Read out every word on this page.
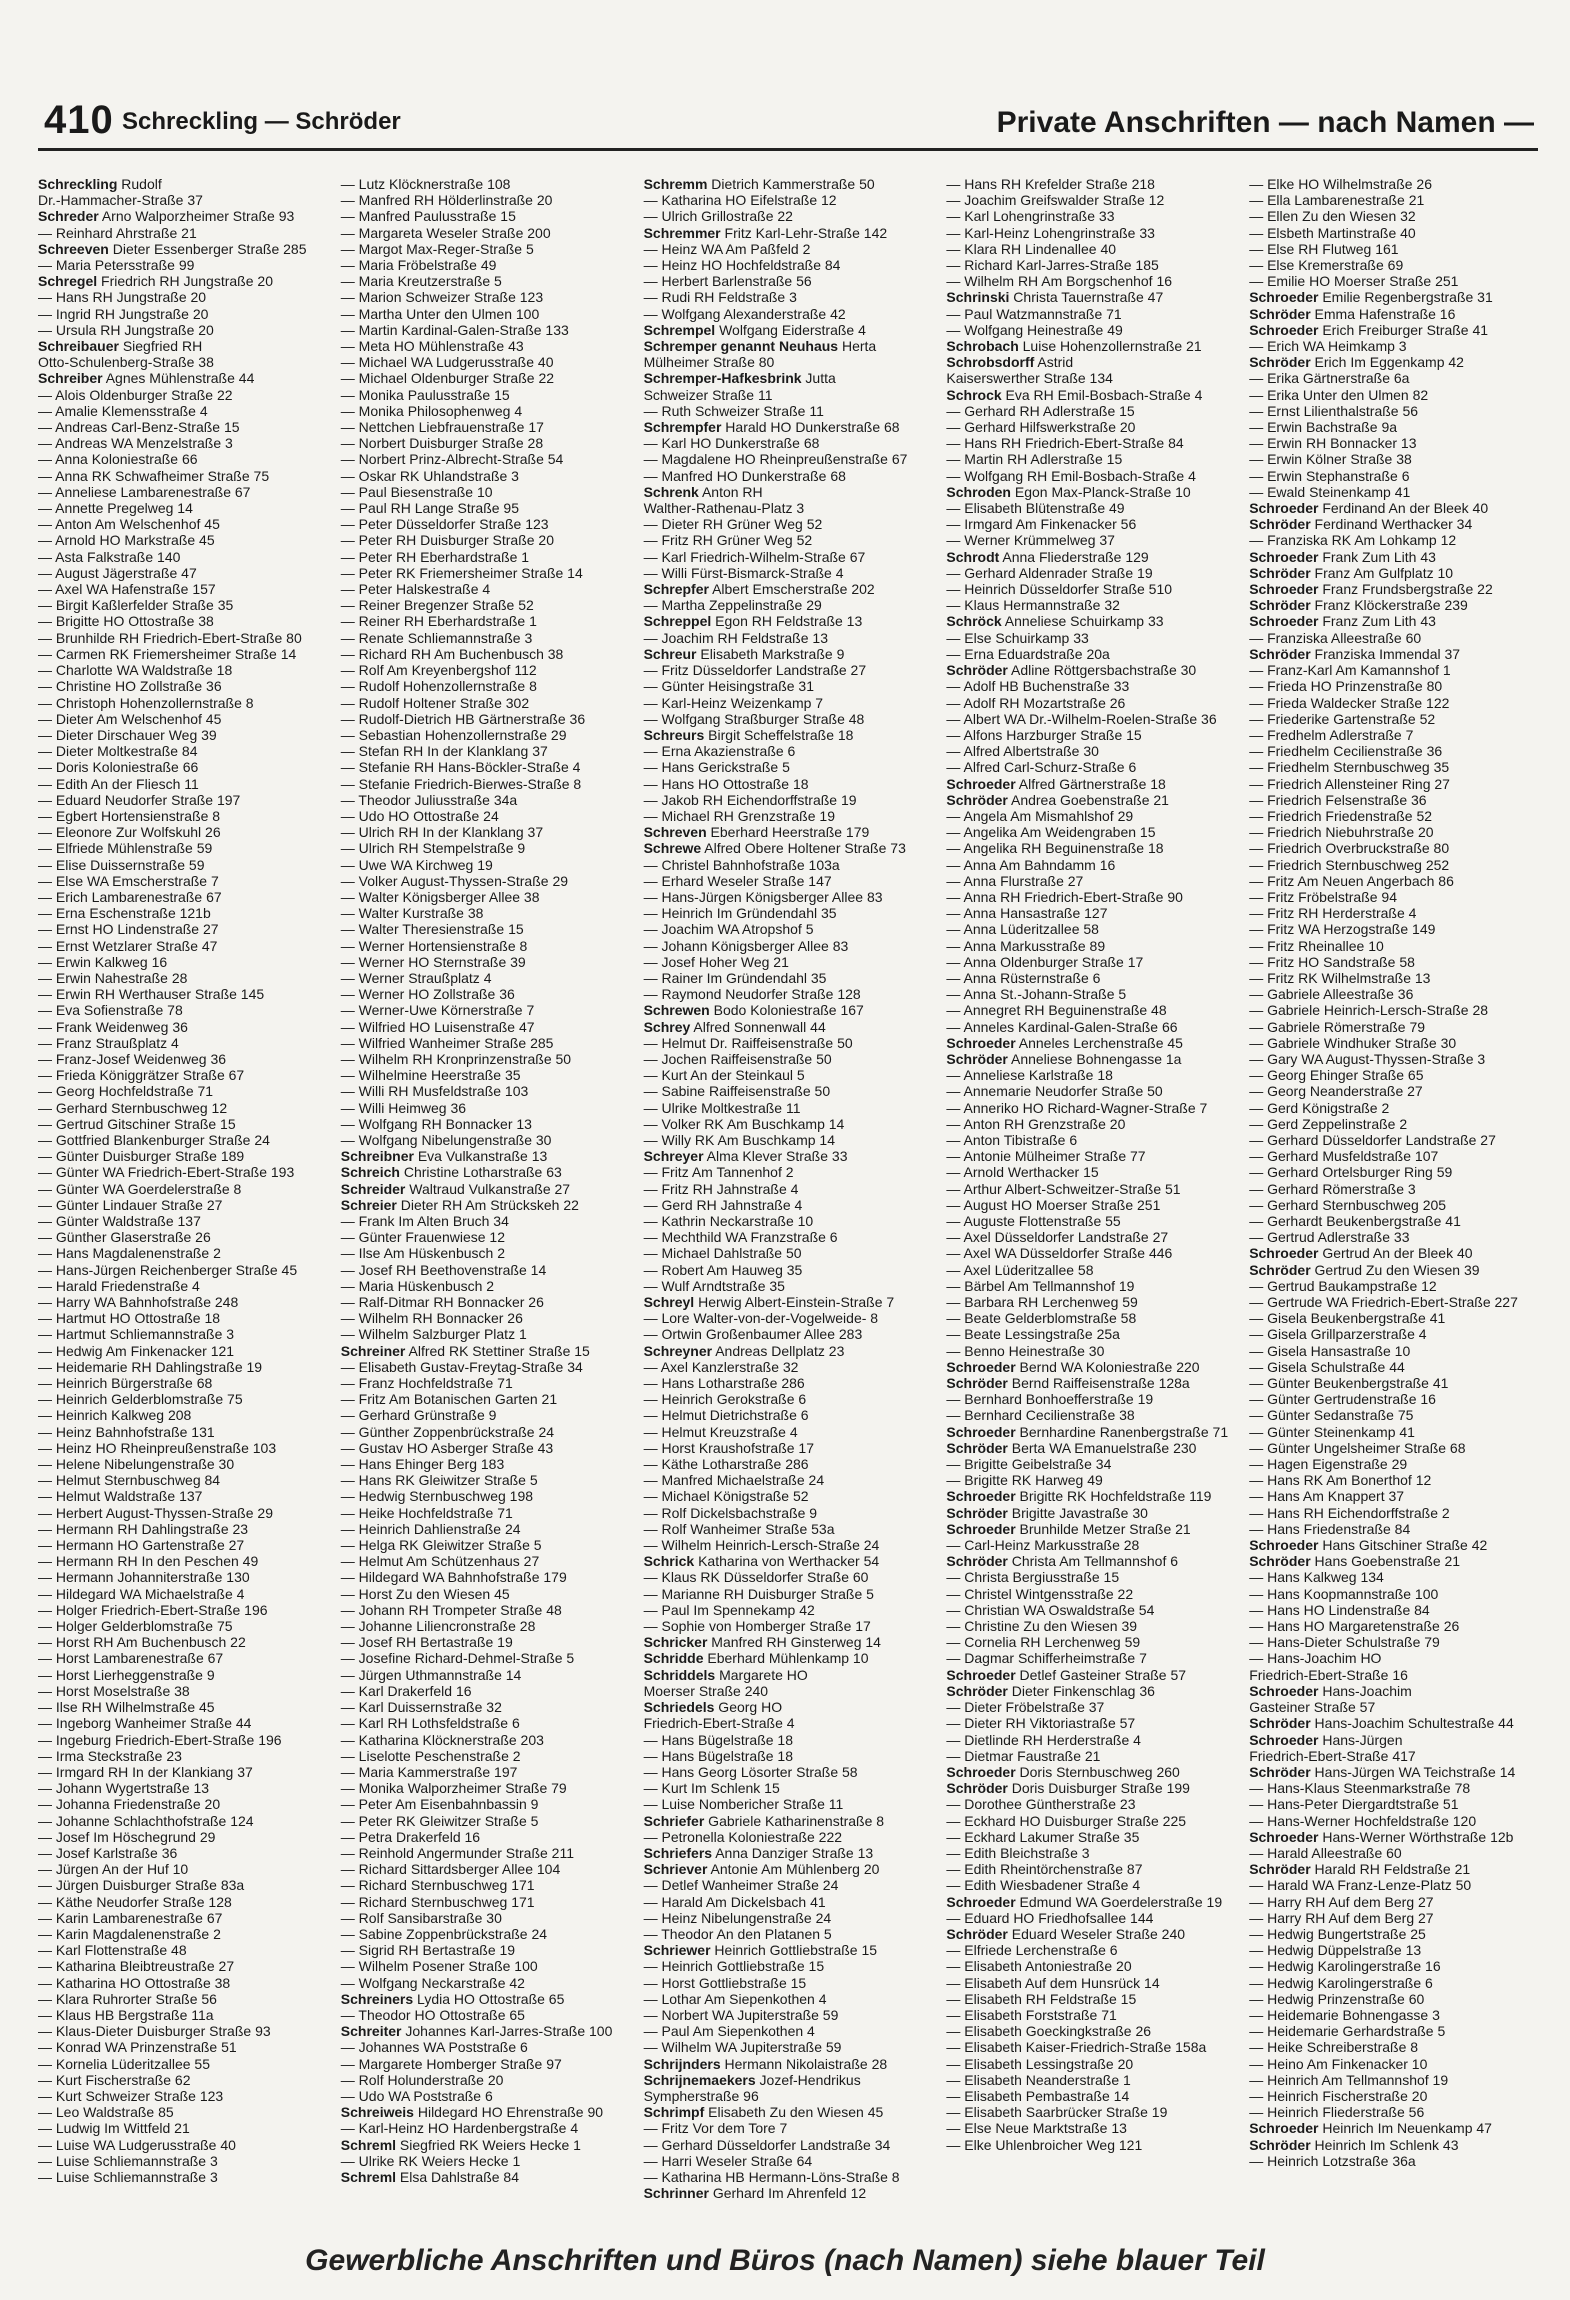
410 Schreckling — Schröder	Private Anschriften — nach Namen —
Schreckling Rudolf
Dr.-Hammacher-Straße 37
Schreder Arno Walporzheimer Straße 93
— Reinhard Ahrstraße 21
Schreeven Dieter Essenberger Straße 285
— Maria Petersstraße 99
Schregel Friedrich RH Jungstraße 20
— Hans RH Jungstraße 20
— Ingrid RH Jungstraße 20
— Ursula RH Jungstraße 20
Schreibauer Siegfried RH
Otto-Schulenberg-Straße 38
Schreiber Agnes Mühlenstraße 44
— Alois Oldenburger Straße 22
— Amalie Klemensstraße 4
— Andreas Carl-Benz-Straße 15
— Andreas WA Menzelstraße 3
— Anna Koloniestraße 66
— Anna RK Schwafheimer Straße 75
— Anneliese Lambarenestraße 67
— Annette Pregelweg 14
— Anton Am Welschenhof 45
— Arnold HO Markstraße 45
— Asta Falkstraße 140
— August Jägerstraße 47
— Axel WA Hafenstraße 157
— Birgit Kaßlerfelder Straße 35
— Brigitte HO Ottostraße 38
— Brunhilde RH Friedrich-Ebert-Straße 80
— Carmen RK Friemersheimer Straße 14
— Charlotte WA Waldstraße 18
— Christine HO Zollstraße 36
— Christoph Hohenzollernstraße 8
— Dieter Am Welschenhof 45
— Dieter Dirschauer Weg 39
— Dieter Moltkestraße 84
— Doris Koloniestraße 66
— Edith An der Fliesch 11
— Eduard Neudorfer Straße 197
— Egbert Hortensienstraße 8
— Eleonore Zur Wolfskuhl 26
— Elfriede Mühlenstraße 59
— Elise Duissernstraße 59
— Else WA Emscherstraße 7
— Erich Lambarenestraße 67
— Erna Eschenstraße 121b
— Ernst HO Lindenstraße 27
— Ernst Wetzlarer Straße 47
— Erwin Kalkweg 16
— Erwin Nahestraße 28
— Erwin RH Werthauser Straße 145
— Eva Sofienstraße 78
— Frank Weidenweg 36
— Franz Straußplatz 4
— Franz-Josef Weidenweg 36
— Frieda Königgrätzer Straße 67
— Georg Hochfeldstraße 71
— Gerhard Sternbuschweg 12
— Gertrud Gitschiner Straße 15
— Gottfried Blankenburger Straße 24
— Günter Duisburger Straße 189
— Günter WA Friedrich-Ebert-Straße 193
— Günter WA Goerdelerstraße 8
— Günter Lindauer Straße 27
— Günter Waldstraße 137
— Günther Glaserstraße 26
— Hans Magdalenenstraße 2
— Hans-Jürgen Reichenberger Straße 45
— Harald Friedenstraße 4
— Harry WA Bahnhofstraße 248
— Hartmut HO Ottostraße 18
— Hartmut Schliemannstraße 3
— Hedwig Am Finkenacker 121
— Heidemarie RH Dahlingstraße 19
— Heinrich Bürgerstraße 68
— Heinrich Gelderblomstraße 75
— Heinrich Kalkweg 208
— Heinz Bahnhofstraße 131
— Heinz HO Rheinpreußenstraße 103
— Helene Nibelungenstraße 30
— Helmut Sternbuschweg 84
— Helmut Waldstraße 137
— Herbert August-Thyssen-Straße 29
— Hermann RH Dahlingstraße 23
— Hermann HO Gartenstraße 27
— Hermann RH In den Peschen 49
— Hermann Johanniterstraße 130
— Hildegard WA Michaelstraße 4
— Holger Friedrich-Ebert-Straße 196
— Holger Gelderblomstraße 75
— Horst RH Am Buchenbusch 22
— Horst Lambarenestraße 67
— Horst Lierheggenstraße 9
— Horst Moselstraße 38
— Ilse RH Wilhelmstraße 45
— Ingeborg Wanheimer Straße 44
— Ingeburg Friedrich-Ebert-Straße 196
— Irma Steckstraße 23
— Irmgard RH In der Klankiang 37
— Johann Wygertstraße 13
— Johanna Friedenstraße 20
— Johanne Schlachthofstraße 124
— Josef Im Höschegrund 29
— Josef Karlstraße 36
— Jürgen An der Huf 10
— Jürgen Duisburger Straße 83a
— Käthe Neudorfer Straße 128
— Karin Lambarenestraße 67
— Karin Magdalenenstraße 2
— Karl Flottenstraße 48
— Katharina Bleibtreustraße 27
— Katharina HO Ottostraße 38
— Klara Ruhrorter Straße 56
— Klaus HB Bergstraße 11a
— Klaus-Dieter Duisburger Straße 93
— Konrad WA Prinzenstraße 51
— Kornelia Lüderitzallee 55
— Kurt Fischerstraße 62
— Kurt Schweizer Straße 123
— Leo Waldstraße 85
— Ludwig Im Wittfeld 21
— Luise WA Ludgerusstraße 40
— Luise Schliemannstraße 3
— Luise Schliemannstraße 3
— Lutz Klöcknerstraße 108
— Manfred RH Hölderlinstraße 20
— Manfred Paulusstraße 15
— Margareta Weseler Straße 200
— Margot Max-Reger-Straße 5
— Maria Fröbelstraße 49
— Maria Kreutzerstraße 5
— Marion Schweizer Straße 123
— Martha Unter den Ulmen 100
— Martin Kardinal-Galen-Straße 133
— Meta HO Mühlenstraße 43
— Michael WA Ludgerusstraße 40
— Michael Oldenburger Straße 22
— Monika Paulusstraße 15
— Monika Philosophenweg 4
— Nettchen Liebfrauenstraße 17
— Norbert Duisburger Straße 28
— Norbert Prinz-Albrecht-Straße 54
— Oskar RK Uhlandstraße 3
— Paul Biesenstraße 10
— Paul RH Lange Straße 95
— Peter Düsseldorfer Straße 123
— Peter RH Duisburger Straße 20
— Peter RH Eberhardstraße 1
— Peter RK Friemersheimer Straße 14
— Peter Halskestraße 4
— Reiner Bregenzer Straße 52
— Reiner RH Eberhardstraße 1
— Renate Schliemannstraße 3
— Richard RH Am Buchenbusch 38
— Rolf Am Kreyenbergshof 112
— Rudolf Hohenzollernstraße 8
— Rudolf Holtener Straße 302
— Rudolf-Dietrich HB Gärtnerstraße 36
— Sebastian Hohenzollernstraße 29
— Stefan RH In der Klanklang 37
— Stefanie RH Hans-Böckler-Straße 4
— Stefanie Friedrich-Bierwes-Straße 8
— Theodor Juliusstraße 34a
— Udo HO Ottostraße 24
— Ulrich RH In der Klanklang 37
— Ulrich RH Stempelstraße 9
— Uwe WA Kirchweg 19
— Volker August-Thyssen-Straße 29
— Walter Königsberger Allee 38
— Walter Kurstraße 38
— Walter Theresienstraße 15
— Werner Hortensienstraße 8
— Werner HO Sternstraße 39
— Werner Straußplatz 4
— Werner HO Zollstraße 36
— Werner-Uwe Körnerstraße 7
— Wilfried HO Luisenstraße 47
— Wilfried Wanheimer Straße 285
— Wilhelm RH Kronprinzenstraße 50
— Wilhelmine Heerstraße 35
— Willi RH Musfeldstraße 103
— Willi Heimweg 36
— Wolfgang RH Bonnacker 13
— Wolfgang Nibelungenstraße 30
Schreibner Eva Vulkanstraße 13
Schreich Christine Lotharstraße 63
Schreider Waltraud Vulkanstraße 27
Schreier Dieter RH Am Strückskeh 22
— Frank Im Alten Bruch 34
— Günter Frauenwiese 12
— Ilse Am Hüskenbusch 2
— Josef RH Beethovenstraße 14
— Maria Hüskenbusch 2
— Ralf-Ditmar RH Bonnacker 26
— Wilhelm RH Bonnacker 26
— Wilhelm Salzburger Platz 1
Schreiner Alfred RK Stettiner Straße 15
— Elisabeth Gustav-Freytag-Straße 34
— Franz Hochfeldstraße 71
— Fritz Am Botanischen Garten 21
— Gerhard Grünstraße 9
— Günther Zoppenbrückstraße 24
— Gustav HO Asberger Straße 43
— Hans Ehinger Berg 183
— Hans RK Gleiwitzer Straße 5
— Hedwig Sternbuschweg 198
— Heike Hochfeldstraße 71
— Heinrich Dahlienstraße 24
— Helga RK Gleiwitzer Straße 5
— Helmut Am Schützenhaus 27
— Hildegard WA Bahnhofstraße 179
— Horst Zu den Wiesen 45
— Johann RH Trompeter Straße 48
— Johanne Liliencronstraße 28
— Josef RH Bertastraße 19
— Josefine Richard-Dehmel-Straße 5
— Jürgen Uthmannstraße 14
— Karl Drakerfeld 16
— Karl Duissernstraße 32
— Karl RH Lothsfeldstraße 6
— Katharina Klöcknerstraße 203
— Liselotte Peschenstraße 2
— Maria Kammerstraße 197
— Monika Walporzheimer Straße 79
— Peter Am Eisenbahnbassin 9
— Peter RK Gleiwitzer Straße 5
— Petra Drakerfeld 16
— Reinhold Angermunder Straße 211
— Richard Sittardsberger Allee 104
— Richard Sternbuschweg 171
— Richard Sternbuschweg 171
— Rolf Sansibarstraße 30
— Sabine Zoppenbrückstraße 24
— Sigrid RH Bertastraße 19
— Wilhelm Posener Straße 100
— Wolfgang Neckarstraße 42
Schreiners Lydia HO Ottostraße 65
— Theodor HO Ottostraße 65
Schreiter Johannes Karl-Jarres-Straße 100
— Johannes WA Poststraße 6
— Margarete Homberger Straße 97
— Rolf Holunderstraße 20
— Udo WA Poststraße 6
Schreiweis Hildegard HO Ehrenstraße 90
— Karl-Heinz HO Hardenbergstraße 4
Schreml Siegfried RK Weiers Hecke 1
— Ulrike RK Weiers Hecke 1
Schreml Elsa Dahlstraße 84
Schremm Dietrich Kammerstraße 50
— Katharina HO Eifelstraße 12
— Ulrich Grillostraße 22
Schremmer Fritz Karl-Lehr-Straße 142
— Heinz WA Am Paßfeld 2
— Heinz HO Hochfeldstraße 84
— Herbert Barlenstraße 56
— Rudi RH Feldstraße 3
— Wolfgang Alexanderstraße 42
Schrempel Wolfgang Eiderstraße 4
Schremper genannt Neuhaus Herta
Mülheimer Straße 80
Schremper-Hafkesbrink Jutta
Schweizer Straße 11
— Ruth Schweizer Straße 11
Schrempfer Harald HO Dunkerstraße 68
— Karl HO Dunkerstraße 68
— Magdalene HO Rheinpreußenstraße 67
— Manfred HO Dunkerstraße 68
Schrenk Anton RH
Walther-Rathenau-Platz 3
— Dieter RH Grüner Weg 52
— Fritz RH Grüner Weg 52
— Karl Friedrich-Wilhelm-Straße 67
— Willi Fürst-Bismarck-Straße 4
Schrepfer Albert Emscherstraße 202
— Martha Zeppelinstraße 29
Schreppel Egon RH Feldstraße 13
— Joachim RH Feldstraße 13
Schreur Elisabeth Markstraße 9
— Fritz Düsseldorfer Landstraße 27
— Günter Heisingstraße 31
— Karl-Heinz Weizenkamp 7
— Wolfgang Straßburger Straße 48
Schreurs Birgit Scheffelstraße 18
— Erna Akazienstraße 6
— Hans Gerickstraße 5
— Hans HO Ottostraße 18
— Jakob RH Eichendorffstraße 19
— Michael RH Grenzstraße 19
Schreven Eberhard Heerstraße 179
Schrewe Alfred Obere Holtener Straße 73
— Christel Bahnhofstraße 103a
— Erhard Weseler Straße 147
— Hans-Jürgen Königsberger Allee 83
— Heinrich Im Gründendahl 35
— Joachim WA Atropshof 5
— Johann Königsberger Allee 83
— Josef Hoher Weg 21
— Rainer Im Gründendahl 35
— Raymond Neudorfer Straße 128
Schrewen Bodo Koloniestraße 167
Schrey Alfred Sonnenwall 44
— Helmut Dr. Raiffeisenstraße 50
— Jochen Raiffeisenstraße 50
— Kurt An der Steinkaul 5
— Sabine Raiffeisenstraße 50
— Ulrike Moltkestraße 11
— Volker RK Am Buschkamp 14
— Willy RK Am Buschkamp 14
Schreyer Alma Klever Straße 33
— Fritz Am Tannenhof 2
— Fritz RH Jahnstraße 4
— Gerd RH Jahnstraße 4
— Kathrin Neckarstraße 10
— Mechthild WA Franzstraße 6
— Michael Dahlstraße 50
— Robert Am Hauweg 35
— Wulf Arndtstraße 35
Schreyl Herwig Albert-Einstein-Straße 7
— Lore Walter-von-der-Vogelweide- 8
— Ortwin Großenbaumer Allee 283
Schreyner Andreas Dellplatz 23
— Axel Kanzlerstraße 32
— Hans Lotharstraße 286
— Heinrich Gerokstraße 6
— Helmut Dietrichstraße 6
— Helmut Kreuzstraße 4
— Horst Kraushofstraße 17
— Käthe Lotharstraße 286
— Manfred Michaelstraße 24
— Michael Königstraße 52
— Rolf Dickelsbachstraße 9
— Rolf Wanheimer Straße 53a
— Wilhelm Heinrich-Lersch-Straße 24
Schrick Katharina von Werthacker 54
— Klaus RK Düsseldorfer Straße 60
— Marianne RH Duisburger Straße 5
— Paul Im Spennekamp 42
— Sophie von Homberger Straße 17
Schricker Manfred RH Ginsterweg 14
Schridde Eberhard Mühlenkamp 10
Schriddels Margarete HO
Moerser Straße 240
Schriedels Georg HO
Friedrich-Ebert-Straße 4
— Hans Bügelstraße 18
— Hans Bügelstraße 18
— Hans Georg Lösorter Straße 58
— Kurt Im Schlenk 15
— Luise Nombericher Straße 11
Schriefer Gabriele Katharinenstraße 8
— Petronella Koloniestraße 222
Schriefers Anna Danziger Straße 13
Schriever Antonie Am Mühlenberg 20
— Detlef Wanheimer Straße 24
— Harald Am Dickelsbach 41
— Heinz Nibelungenstraße 24
— Theodor An den Platanen 5
Schriewer Heinrich Gottliebstraße 15
— Heinrich Gottliebstraße 15
— Horst Gottliebstraße 15
— Lothar Am Siepenkothen 4
— Norbert WA Jupiterstraße 59
— Paul Am Siepenkothen 4
— Wilhelm WA Jupiterstraße 59
Schrijnders Hermann Nikolaistraße 28
Schrijnemaekers Jozef-Hendrikus
Sympherstraße 96
Schrimpf Elisabeth Zu den Wiesen 45
— Fritz Vor dem Tore 7
— Gerhard Düsseldorfer Landstraße 34
— Harri Weseler Straße 64
— Katharina HB Hermann-Löns-Straße 8
Schrinner Gerhard Im Ahrenfeld 12
— Hans RH Krefelder Straße 218
— Joachim Greifswalder Straße 12
— Karl Lohengrinstraße 33
— Karl-Heinz Lohengrinstraße 33
— Klara RH Lindenallee 40
— Richard Karl-Jarres-Straße 185
— Wilhelm RH Am Borgschenhof 16
Schrinski Christa Tauernstraße 47
— Paul Watzmannstraße 71
— Wolfgang Heinestraße 49
Schrobach Luise Hohenzollernstraße 21
Schrobsdorff Astrid
Kaiserswerther Straße 134
Schrock Eva RH Emil-Bosbach-Straße 4
— Gerhard RH Adlerstraße 15
— Gerhard Hilfswerkstraße 20
— Hans RH Friedrich-Ebert-Straße 84
— Martin RH Adlerstraße 15
— Wolfgang RH Emil-Bosbach-Straße 4
Schroden Egon Max-Planck-Straße 10
— Elisabeth Blütenstraße 49
— Irmgard Am Finkenacker 56
— Werner Krümmelweg 37
Schrodt Anna Fliederstraße 129
— Gerhard Aldenrader Straße 19
— Heinrich Düsseldorfer Straße 510
— Klaus Hermannstraße 32
Schröck Anneliese Schuirkamp 33
— Else Schuirkamp 33
— Erna Eduardstraße 20a
Schröder Adline Röttgersbachstraße 30
— Adolf HB Buchenstraße 33
— Adolf RH Mozartstraße 26
— Albert WA Dr.-Wilhelm-Roelen-Straße 36
— Alfons Harzburger Straße 15
— Alfred Albertstraße 30
— Alfred Carl-Schurz-Straße 6
Schroeder Alfred Gärtnerstraße 18
Schröder Andrea Goebenstraße 21
— Angela Am Mismahlshof 29
— Angelika Am Weidengraben 15
— Angelika RH Beguinenstraße 18
— Anna Am Bahndamm 16
— Anna Flurstraße 27
— Anna RH Friedrich-Ebert-Straße 90
— Anna Hansastraße 127
— Anna Lüderitzallee 58
— Anna Markusstraße 89
— Anna Oldenburger Straße 17
— Anna Rüsternstraße 6
— Anna St.-Johann-Straße 5
— Annegret RH Beguinenstraße 48
— Anneles Kardinal-Galen-Straße 66
Schroeder Anneles Lerchenstraße 45
Schröder Anneliese Bohnengasse 1a
— Anneliese Karlstraße 18
— Annemarie Neudorfer Straße 50
— Anneriko HO Richard-Wagner-Straße 7
— Anton RH Grenzstraße 20
— Anton Tibistraße 6
— Antonie Mülheimer Straße 77
— Arnold Werthacker 15
— Arthur Albert-Schweitzer-Straße 51
— August HO Moerser Straße 251
— Auguste Flottenstraße 55
— Axel Düsseldorfer Landstraße 27
— Axel WA Düsseldorfer Straße 446
— Axel Lüderitzallee 58
— Bärbel Am Tellmannshof 19
— Barbara RH Lerchenweg 59
— Beate Gelderblomstraße 58
— Beate Lessingstraße 25a
— Benno Heinestraße 30
Schroeder Bernd WA Koloniestraße 220
Schröder Bernd Raiffeisenstraße 128a
— Bernhard Bonhoefferstraße 19
— Bernhard Cecilienstraße 38
Schroeder Bernhardine Ranenbergstraße 71
Schröder Berta WA Emanuelstraße 230
— Brigitte Geibelstraße 34
— Brigitte RK Harweg 49
Schroeder Brigitte RK Hochfeldstraße 119
Schröder Brigitte Javastraße 30
Schroeder Brunhilde Metzer Straße 21
— Carl-Heinz Markusstraße 28
Schröder Christa Am Tellmannshof 6
— Christa Bergiusstraße 15
— Christel Wintgensstraße 22
— Christian WA Oswaldstraße 54
— Christine Zu den Wiesen 39
— Cornelia RH Lerchenweg 59
— Dagmar Schifferheimstraße 7
Schroeder Detlef Gasteiner Straße 57
Schröder Dieter Finkenschlag 36
— Dieter Fröbelstraße 37
— Dieter RH Viktoriastraße 57
— Dietlinde RH Herderstraße 4
— Dietmar Faustraße 21
Schroeder Doris Sternbuschweg 260
Schröder Doris Duisburger Straße 199
— Dorothee Güntherstraße 23
— Eckhard HO Duisburger Straße 225
— Eckhard Lakumer Straße 35
— Edith Bleichstraße 3
— Edith Rheintörchenstraße 87
— Edith Wiesbadener Straße 4
Schroeder Edmund WA Goerdelerstraße 19
— Eduard HO Friedhofsallee 144
Schröder Eduard Weseler Straße 240
— Elfriede Lerchenstraße 6
— Elisabeth Antoniestraße 20
— Elisabeth Auf dem Hunsrück 14
— Elisabeth RH Feldstraße 15
— Elisabeth Forststraße 71
— Elisabeth Goeckingkstraße 26
— Elisabeth Kaiser-Friedrich-Straße 158a
— Elisabeth Lessingstraße 20
— Elisabeth Neanderstraße 1
— Elisabeth Pembastraße 14
— Elisabeth Saarbrücker Straße 19
— Else Neue Marktstraße 13
— Elke Uhlenbroicher Weg 121
— Elke HO Wilhelmstraße 26
— Ella Lambarenestraße 21
— Ellen Zu den Wiesen 32
— Elsbeth Martinstraße 40
— Else RH Flutweg 161
— Else Kremerstraße 69
— Emilie HO Moerser Straße 251
Schroeder Emilie Regenbergstraße 31
Schröder Emma Hafenstraße 16
Schroeder Erich Freiburger Straße 41
— Erich WA Heimkamp 3
Schröder Erich Im Eggenkamp 42
— Erika Gärtnerstraße 6a
— Erika Unter den Ulmen 82
— Ernst Lilienthalstraße 56
— Erwin Bachstraße 9a
— Erwin RH Bonnacker 13
— Erwin Kölner Straße 38
— Erwin Stephanstraße 6
— Ewald Steinenkamp 41
Schroeder Ferdinand An der Bleek 40
Schröder Ferdinand Werthacker 34
— Franziska RK Am Lohkamp 12
Schroeder Frank Zum Lith 43
Schröder Franz Am Gulfplatz 10
Schroeder Franz Frundsbergstraße 22
Schröder Franz Klöckerstraße 239
Schroeder Franz Zum Lith 43
— Franziska Alleestraße 60
Schröder Franziska Immendal 37
— Franz-Karl Am Kamannshof 1
— Frieda HO Prinzenstraße 80
— Frieda Waldecker Straße 122
— Friederike Gartenstraße 52
— Fredhelm Adlerstraße 7
— Friedhelm Cecilienstraße 36
— Friedhelm Sternbuschweg 35
— Friedrich Allensteiner Ring 27
— Friedrich Felsenstraße 36
— Friedrich Friedenstraße 52
— Friedrich Niebuhrstraße 20
— Friedrich Overbruckstraße 80
— Friedrich Sternbuschweg 252
— Fritz Am Neuen Angerbach 86
— Fritz Fröbelstraße 94
— Fritz RH Herderstraße 4
— Fritz WA Herzogstraße 149
— Fritz Rheinallee 10
— Fritz HO Sandstraße 58
— Fritz RK Wilhelmstraße 13
— Gabriele Alleestraße 36
— Gabriele Heinrich-Lersch-Straße 28
— Gabriele Römerstraße 79
— Gabriele Windhuker Straße 30
— Gary WA August-Thyssen-Straße 3
— Georg Ehinger Straße 65
— Georg Neanderstraße 27
— Gerd Königstraße 2
— Gerd Zeppelinstraße 2
— Gerhard Düsseldorfer Landstraße 27
— Gerhard Musfeldstraße 107
— Gerhard Ortelsburger Ring 59
— Gerhard Römerstraße 3
— Gerhard Sternbuschweg 205
— Gerhardt Beukenbergstraße 41
— Gertrud Adlerstraße 33
Schroeder Gertrud An der Bleek 40
Schröder Gertrud Zu den Wiesen 39
— Gertrud Baukampstraße 12
— Gertrude WA Friedrich-Ebert-Straße 227
— Gisela Beukenbergstraße 41
— Gisela Grillparzerstraße 4
— Gisela Hansastraße 10
— Gisela Schulstraße 44
— Günter Beukenbergstraße 41
— Günter Gertrudenstraße 16
— Günter Sedanstraße 75
— Günter Steinenkamp 41
— Günter Ungelsheimer Straße 68
— Hagen Eigenstraße 29
— Hans RK Am Bonerthof 12
— Hans Am Knappert 37
— Hans RH Eichendorffstraße 2
— Hans Friedenstraße 84
Schroeder Hans Gitschiner Straße 42
Schröder Hans Goebenstraße 21
— Hans Kalkweg 134
— Hans Koopmannstraße 100
— Hans HO Lindenstraße 84
— Hans HO Margaretenstraße 26
— Hans-Dieter Schulstraße 79
— Hans-Joachim HO
Friedrich-Ebert-Straße 16
Schroeder Hans-Joachim
Gasteiner Straße 57
Schröder Hans-Joachim Schultestraße 44
Schroeder Hans-Jürgen
Friedrich-Ebert-Straße 417
Schröder Hans-Jürgen WA Teichstraße 14
— Hans-Klaus Steenmarkstraße 78
— Hans-Peter Diergardtstraße 51
— Hans-Werner Hochfeldstraße 120
Schroeder Hans-Werner Wörthstraße 12b
— Harald Alleestraße 60
Schröder Harald RH Feldstraße 21
— Harald WA Franz-Lenze-Platz 50
— Harry RH Auf dem Berg 27
— Harry RH Auf dem Berg 27
— Hedwig Bungertstraße 25
— Hedwig Düppelstraße 13
— Hedwig Karolingerstraße 16
— Hedwig Karolingerstraße 6
— Hedwig Prinzenstraße 60
— Heidemarie Bohnengasse 3
— Heidemarie Gerhardstraße 5
— Heike Schreiberstraße 8
— Heino Am Finkenacker 10
— Heinrich Am Tellmannshof 19
— Heinrich Fischerstraße 20
— Heinrich Fliederstraße 56
Schroeder Heinrich Im Neuenkamp 47
Schröder Heinrich Im Schlenk 43
— Heinrich Lotzstraße 36a
Gewerbliche Anschriften und Büros (nach Namen) siehe blauer Teil
